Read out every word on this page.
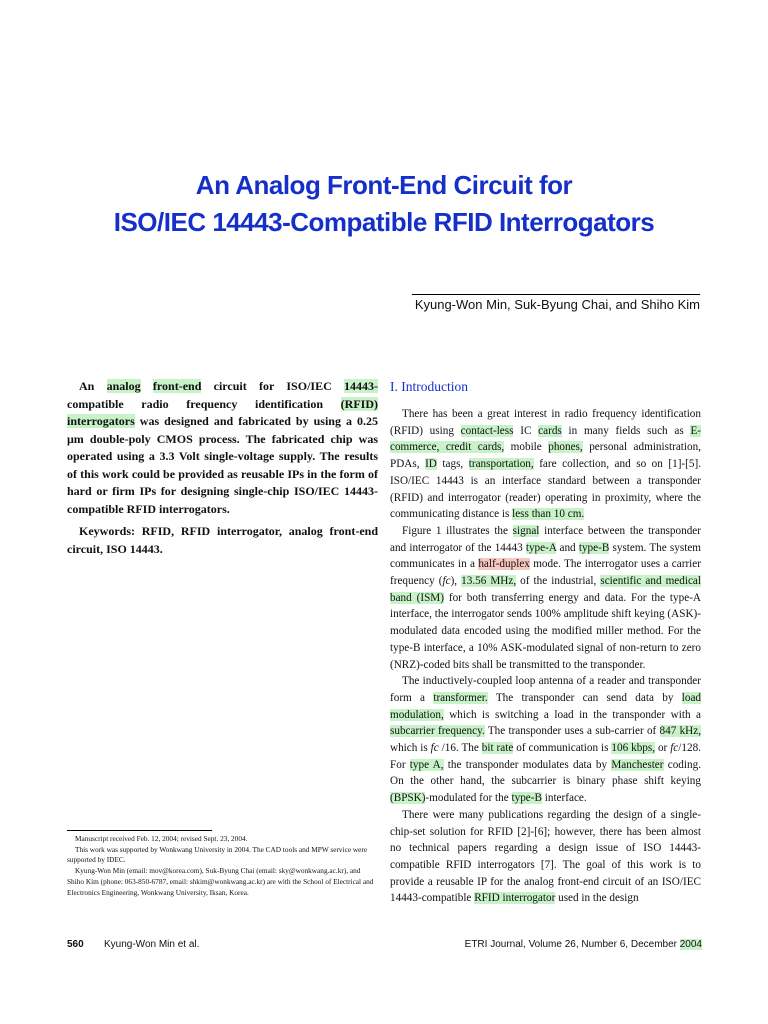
An Analog Front-End Circuit for
ISO/IEC 14443-Compatible RFID Interrogators
Kyung-Won Min, Suk-Byung Chai, and Shiho Kim

An analog front-end circuit for ISO/IEC 14443- compatible radio frequency identification (RFID) interrogators was designed and fabricated by using a 0.25 μm double-poly CMOS process. The fabricated chip was operated using a 3.3 Volt single-voltage supply. The results of this work could be provided as reusable IPs in the form of hard or firm IPs for designing single-chip ISO/IEC 14443-compatible RFID interrogators.

Keywords: RFID, RFID interrogator, analog front-end circuit, ISO 14443.

I. Introduction

There has been a great interest in radio frequency identification (RFID) using contact-less IC cards in many fields such as E-commerce, credit cards, mobile phones, personal administration, PDAs, ID tags, transportation, fare collection, and so on [1]-[5]. ISO/IEC 14443 is an interface standard between a transponder (RFID) and interrogator (reader) operating in proximity, where the communicating distance is less than 10 cm.

Figure 1 illustrates the signal interface between the transponder and interrogator of the 14443 type-A and type-B system. The system communicates in a half-duplex mode. The interrogator uses a carrier frequency (fc), 13.56 MHz, of the industrial, scientific and medical band (ISM) for both transferring energy and data. For the type-A interface, the interrogator sends 100% amplitude shift keying (ASK)-modulated data encoded using the modified miller method. For the type-B interface, a 10% ASK-modulated signal of non-return to zero (NRZ)-coded bits shall be transmitted to the transponder.

The inductively-coupled loop antenna of a reader and transponder form a transformer. The transponder can send data by load modulation, which is switching a load in the transponder with a subcarrier frequency. The transponder uses a sub-carrier of 847 kHz, which is fc /16. The bit rate of communication is 106 kbps, or fc/128. For type A, the transponder modulates data by Manchester coding. On the other hand, the subcarrier is binary phase shift keying (BPSK)-modulated for the type-B interface.

There were many publications regarding the design of a single-chip-set solution for RFID [2]-[6]; however, there has been almost no technical papers regarding a design issue of ISO 14443-compatible RFID interrogators [7]. The goal of this work is to provide a reusable IP for the analog front-end circuit of an ISO/IEC 14443-compatible RFID interrogator used in the design

Manuscript received Feb. 12, 2004; revised Sept. 23, 2004.

This work was supported by Wonkwang University in 2004. The CAD tools and MPW service were supported by IDEC.

Kyung-Won Min (email: mov@korea.com), Suk-Byung Chai (email: sky@wonkwang.ac.kr), and Shiho Kim (phone: 063-850-6787, email: shkim@wonkwang.ac.kr) are with the School of Electrical and Electronics Engineering, Wonkwang University, Iksan, Korea.

560 Kyung-Won Min et al.	ETRI Journal, Volume 26, Number 6, December 2004
